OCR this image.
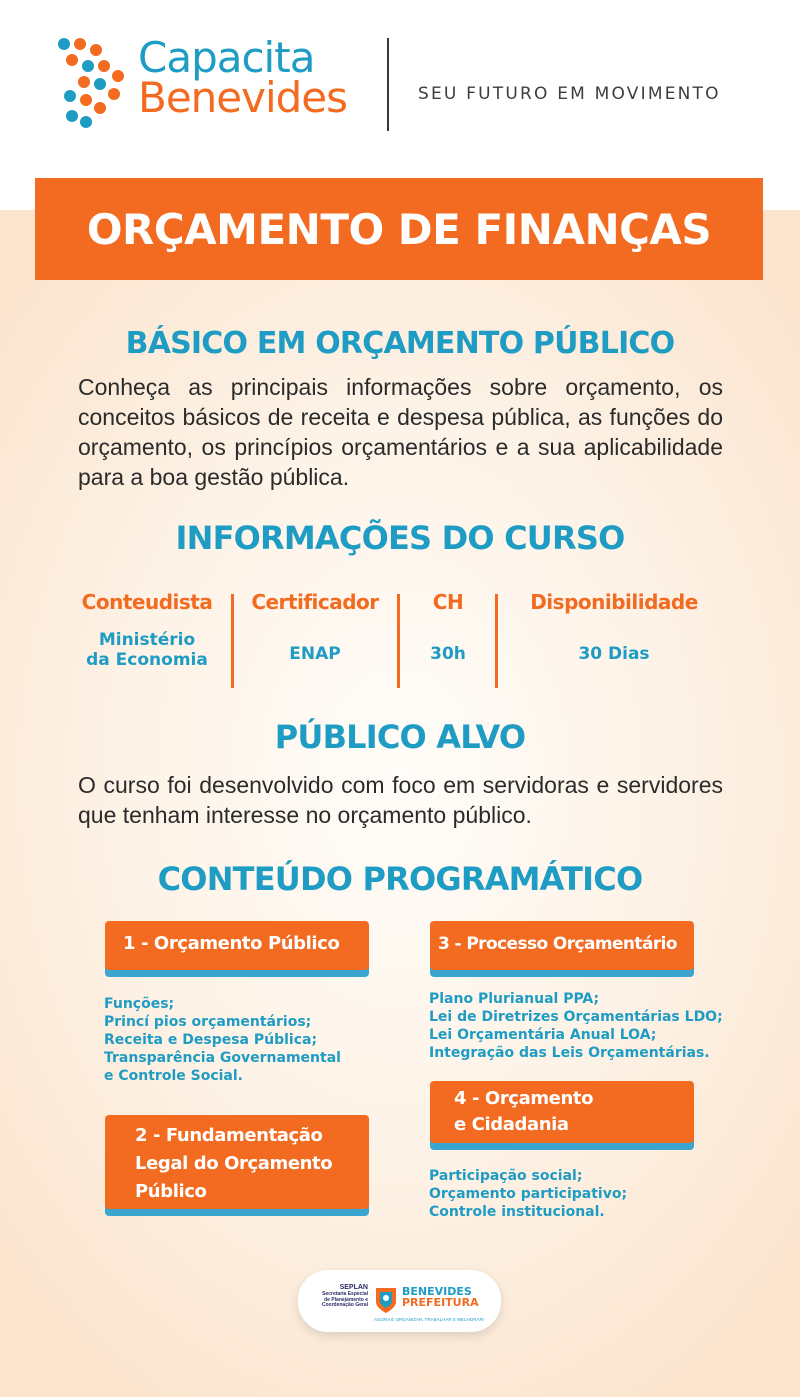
Capacita
Benevides	SEU FUTURO EM MOVIMENTO
ORÇAMENTO DE FINANÇAS
BÁSICO EM ORÇAMENTO PÚBLICO
Conheça as principais informações sobre orçamento, os conceitos básicos de receita e despesa pública, as funções do orçamento, os princípios orçamentários e a sua aplicabilidade para a boa gestão pública.
INFORMAÇÕES DO CURSO
Conteudista
Ministério
da Economia
Certificador
ENAP
CH
30h
Disponibilidade
30 Dias
PÚBLICO ALVO
O curso foi desenvolvido com foco em servidoras e servidores que tenham interesse no orçamento público.
CONTEÚDO PROGRAMÁTICO
1 - Orçamento Público
Funções;
Princí pios orçamentários;
Receita e Despesa Pública;
Transparência Governamental
e Controle Social.
2 - Fundamentação
Legal do Orçamento
Público
3 - Processo Orçamentário
Plano Plurianual PPA;
Lei de Diretrizes Orçamentárias LDO;
Lei Orçamentária Anual LOA;
Integração das Leis Orçamentárias.
4 - Orçamento
e Cidadania
Participação social;
Orçamento participativo;
Controle institucional.
SEPLAN
Secretaria Especial de Planejamento e Coordenação Geral
BENEVIDES
PREFEITURA
AGORA É ORGANIZAR, TRABALHAR E MELHORAR!
